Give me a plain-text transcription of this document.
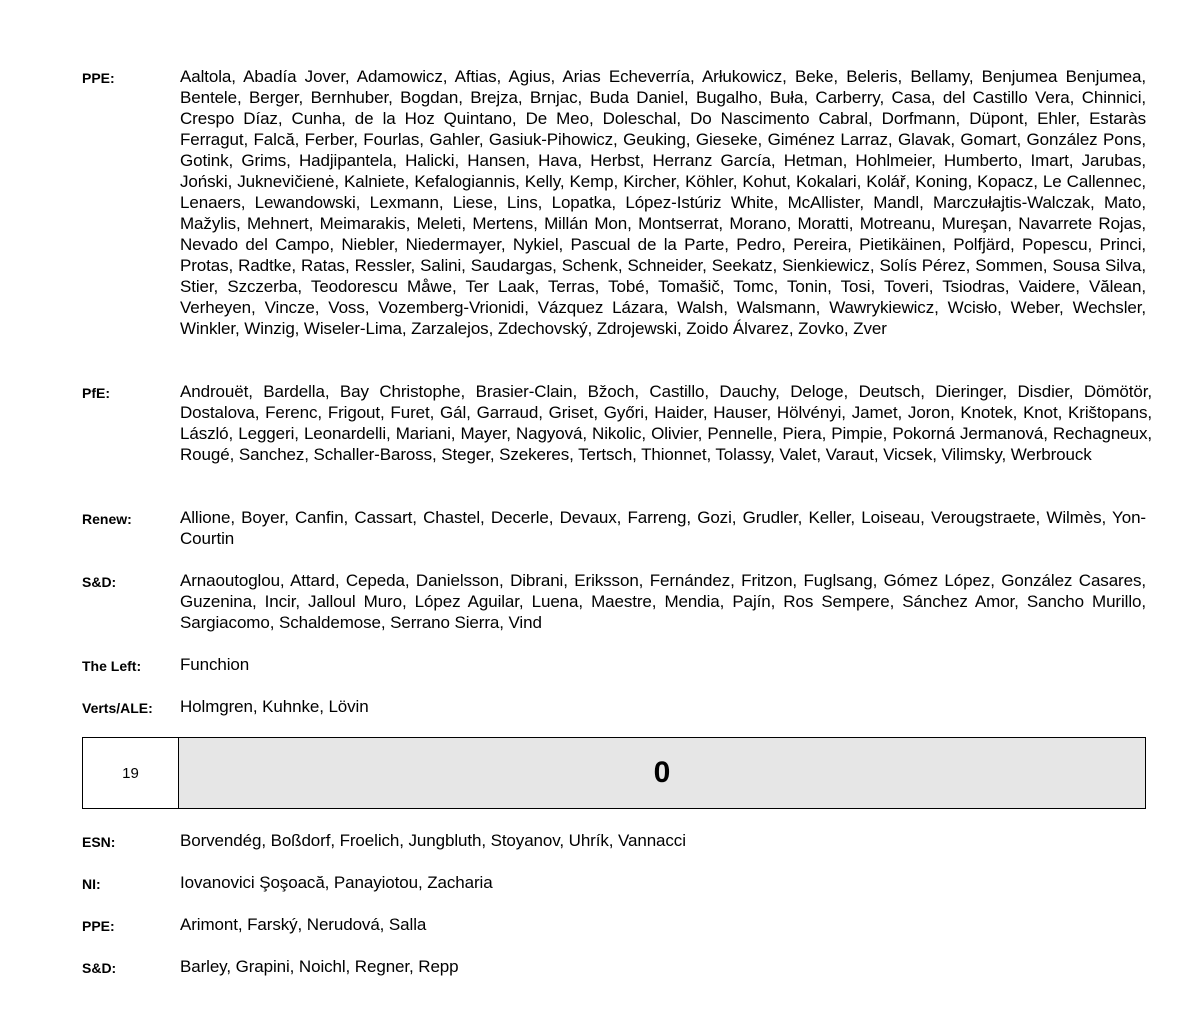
PPE:	Aaltola, Abadía Jover, Adamowicz, Aftias, Agius, Arias Echeverría, Arłukowicz, Beke, Beleris, Bellamy, Benjumea Benjumea, Bentele, Berger, Bernhuber, Bogdan, Brejza, Brnjac, Buda Daniel, Bugalho, Buła, Carberry, Casa, del Castillo Vera, Chinnici, Crespo Díaz, Cunha, de la Hoz Quintano, De Meo, Doleschal, Do Nascimento Cabral, Dorfmann, Düpont, Ehler, Estaràs Ferragut, Falcă, Ferber, Fourlas, Gahler, Gasiuk-Pihowicz, Geuking, Gieseke, Giménez Larraz, Glavak, Gomart, González Pons, Gotink, Grims, Hadjipantela, Halicki, Hansen, Hava, Herbst, Herranz García, Hetman, Hohlmeier, Humberto, Imart, Jarubas, Joński, Juknevičienė, Kalniete, Kefalogiannis, Kelly, Kemp, Kircher, Köhler, Kohut, Kokalari, Kolář, Koning, Kopacz, Le Callennec, Lenaers, Lewandowski, Lexmann, Liese, Lins, Lopatka, López-Istúriz White, McAllister, Mandl, Marczułajtis-Walczak, Mato, Mažylis, Mehnert, Meimarakis, Meleti, Mertens, Millán Mon, Montserrat, Morano, Moratti, Motreanu, Mureşan, Navarrete Rojas, Nevado del Campo, Niebler, Niedermayer, Nykiel, Pascual de la Parte, Pedro, Pereira, Pietikäinen, Polfjärd, Popescu, Princi, Protas, Radtke, Ratas, Ressler, Salini, Saudargas, Schenk, Schneider, Seekatz, Sienkiewicz, Solís Pérez, Sommen, Sousa Silva, Stier, Szczerba, Teodorescu Måwe, Ter Laak, Terras, Tobé, Tomašič, Tomc, Tonin, Tosi, Toveri, Tsiodras, Vaidere, Vălean, Verheyen, Vincze, Voss, Vozemberg-Vrionidi, Vázquez Lázara, Walsh, Walsmann, Wawrykiewicz, Wcisło, Weber, Wechsler, Winkler, Winzig, Wiseler-Lima, Zarzalejos, Zdechovský, Zdrojewski, Zoido Álvarez, Zovko, Zver
PfE:	Androuët, Bardella, Bay Christophe, Brasier-Clain, Bžoch, Castillo, Dauchy, Deloge, Deutsch, Dieringer, Disdier, Dömötör, Dostalova, Ferenc, Frigout, Furet, Gál, Garraud, Griset, Győri, Haider, Hauser, Hölvényi, Jamet, Joron, Knotek, Knot, Krištopans, László, Leggeri, Leonardelli, Mariani, Mayer, Nagyová, Nikolic, Olivier, Pennelle, Piera, Pimpie, Pokorná Jermanová, Rechagneux, Rougé, Sanchez, Schaller-Baross, Steger, Szekeres, Tertsch, Thionnet, Tolassy, Valet, Varaut, Vicsek, Vilimsky, Werbrouck
Renew:	Allione, Boyer, Canfin, Cassart, Chastel, Decerle, Devaux, Farreng, Gozi, Grudler, Keller, Loiseau, Verougstraete, Wilmès, Yon-Courtin
S&D:	Arnaoutoglou, Attard, Cepeda, Danielsson, Dibrani, Eriksson, Fernández, Fritzon, Fuglsang, Gómez López, González Casares, Guzenina, Incir, Jalloul Muro, López Aguilar, Luena, Maestre, Mendia, Pajín, Ros Sempere, Sánchez Amor, Sancho Murillo, Sargiacomo, Schaldemose, Serrano Sierra, Vind
The Left:	Funchion
Verts/ALE:	Holmgren, Kuhnke, Lövin
19	0
ESN:	Borvendég, Boßdorf, Froelich, Jungbluth, Stoyanov, Uhrík, Vannacci
NI:	Iovanovici Şoşoacă, Panayiotou, Zacharia
PPE:	Arimont, Farský, Nerudová, Salla
S&D:	Barley, Grapini, Noichl, Regner, Repp
